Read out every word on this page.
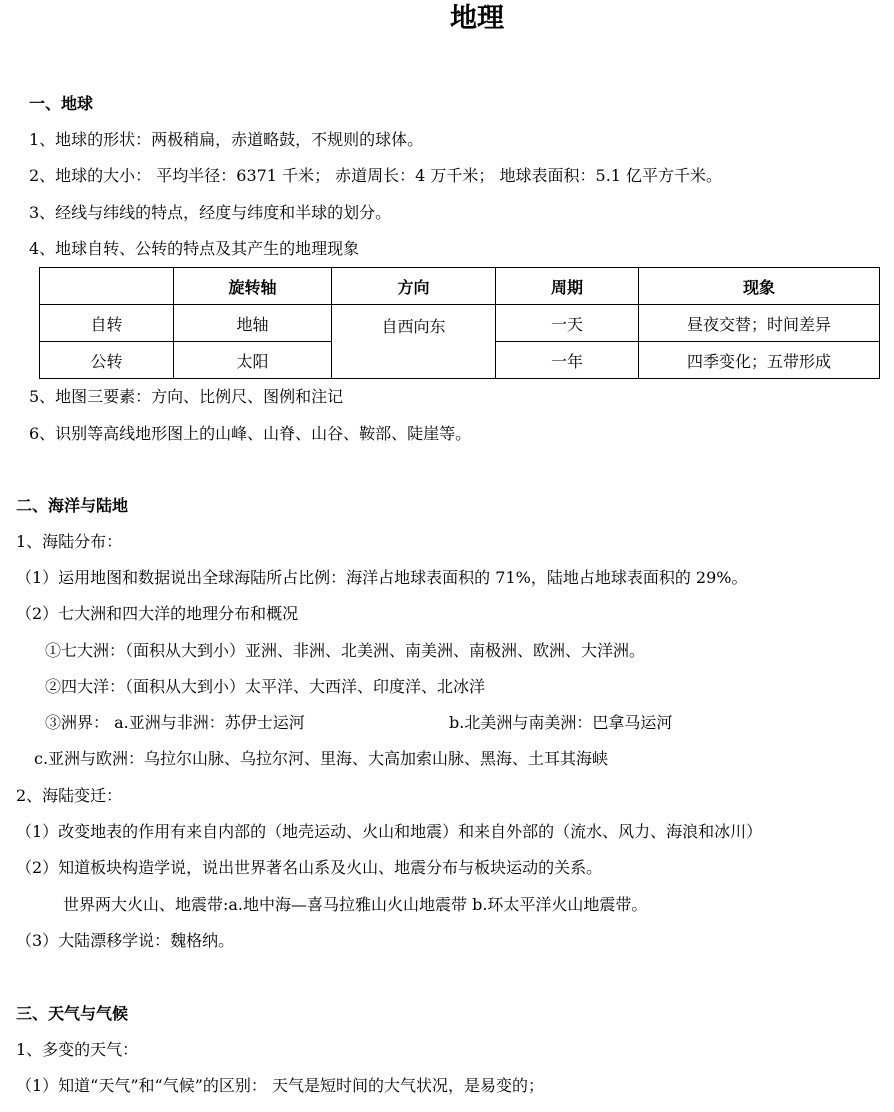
地理
一、地球
1、地球的形状：两极稍扁，赤道略鼓，不规则的球体。
2、地球的大小： 平均半径：6371 千米； 赤道周长：4 万千米； 地球表面积：5.1 亿平方千米。
3、经线与纬线的特点，经度与纬度和半球的划分。
4、地球自转、公转的特点及其产生的地理现象
	旋转轴	方向	周期	现象
自转	地轴	自西向东	一天	昼夜交替；时间差异
公转	太阳		一年	四季变化；五带形成
5、地图三要素：方向、比例尺、图例和注记
6、识别等高线地形图上的山峰、山脊、山谷、鞍部、陡崖等。
二、海洋与陆地
1、海陆分布：
（1）运用地图和数据说出全球海陆所占比例：海洋占地球表面积的 71%，陆地占地球表面积的 29%。
（2）七大洲和四大洋的地理分布和概况
①七大洲：（面积从大到小）亚洲、非洲、北美洲、南美洲、南极洲、欧洲、大洋洲。
②四大洋：（面积从大到小）太平洋、大西洋、印度洋、北冰洋
③洲界： a.亚洲与非洲：苏伊士运河	b.北美洲与南美洲：巴拿马运河
c.亚洲与欧洲：乌拉尔山脉、乌拉尔河、里海、大高加索山脉、黑海、土耳其海峡
2、海陆变迁：
（1）改变地表的作用有来自内部的（地壳运动、火山和地震）和来自外部的（流水、风力、海浪和冰川）
（2）知道板块构造学说，说出世界著名山系及火山、地震分布与板块运动的关系。
世界两大火山、地震带:a.地中海—喜马拉雅山火山地震带 b.环太平洋火山地震带。
（3）大陆漂移学说：魏格纳。
三、天气与气候
1、多变的天气：
（1）知道“天气”和“气候”的区别： 天气是短时间的大气状况，是易变的；
